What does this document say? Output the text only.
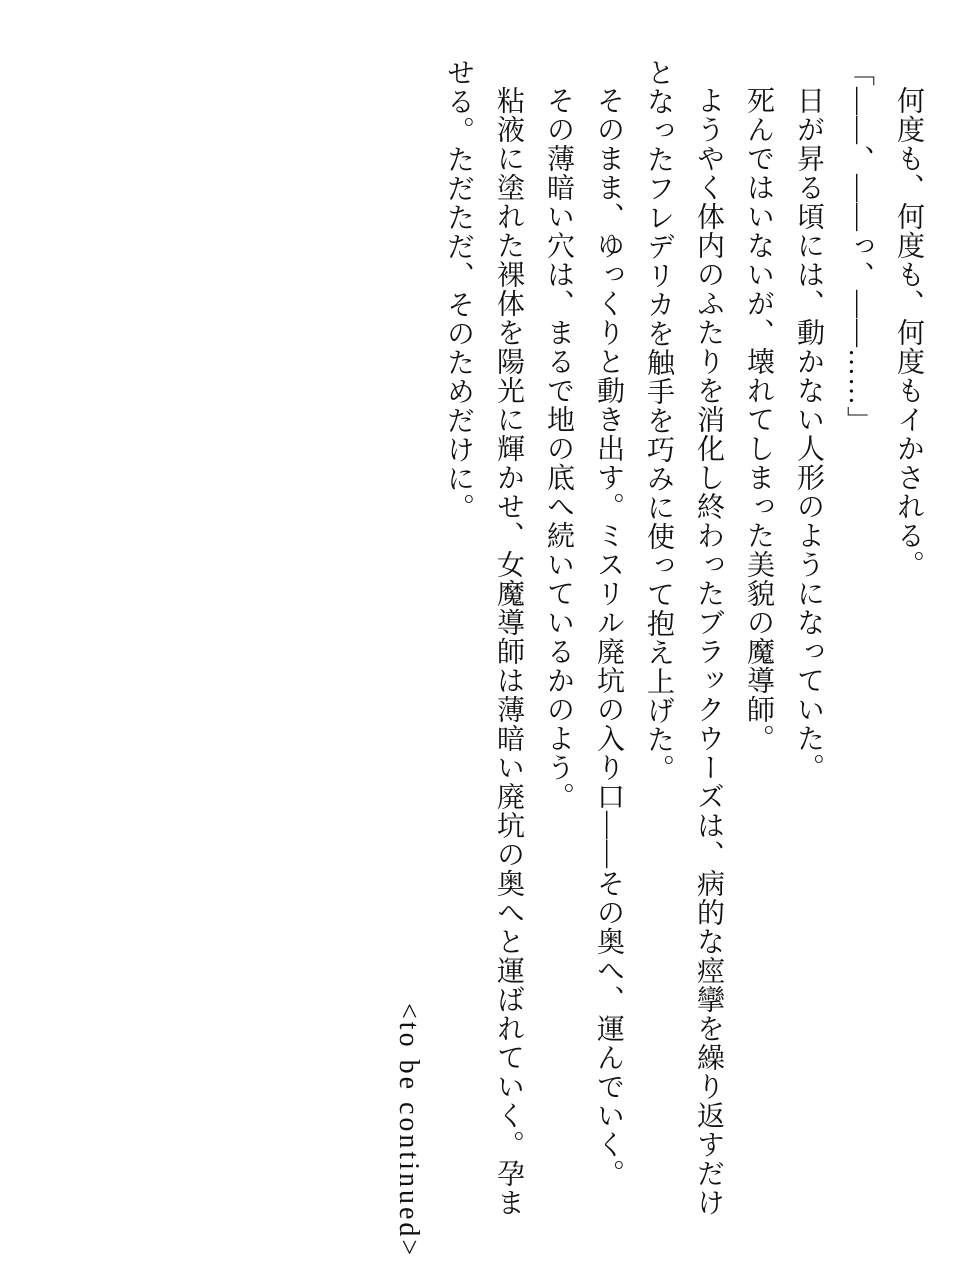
何度も、何度も、何度もイかされる。

「――、――っ、――……」

日が昇る頃には、動かない人形のようになっていた。

死んではいないが、壊れてしまった美貌の魔導師。

ようやく体内のふたりを消化し終わったブラックウーズは、病的な痙攣を繰り返すだけとなったフレデリカを触手を巧みに使って抱え上げた。

そのまま、ゆっくりと動き出す。ミスリル廃坑の入り口――その奥へ、運んでいく。

その薄暗い穴は、まるで地の底へ続いているかのよう。

粘液に塗れた裸体を陽光に輝かせ、女魔導師は薄暗い廃坑の奥へと運ばれていく。孕ませる。ただただ、そのためだけに。

<to be continued>
